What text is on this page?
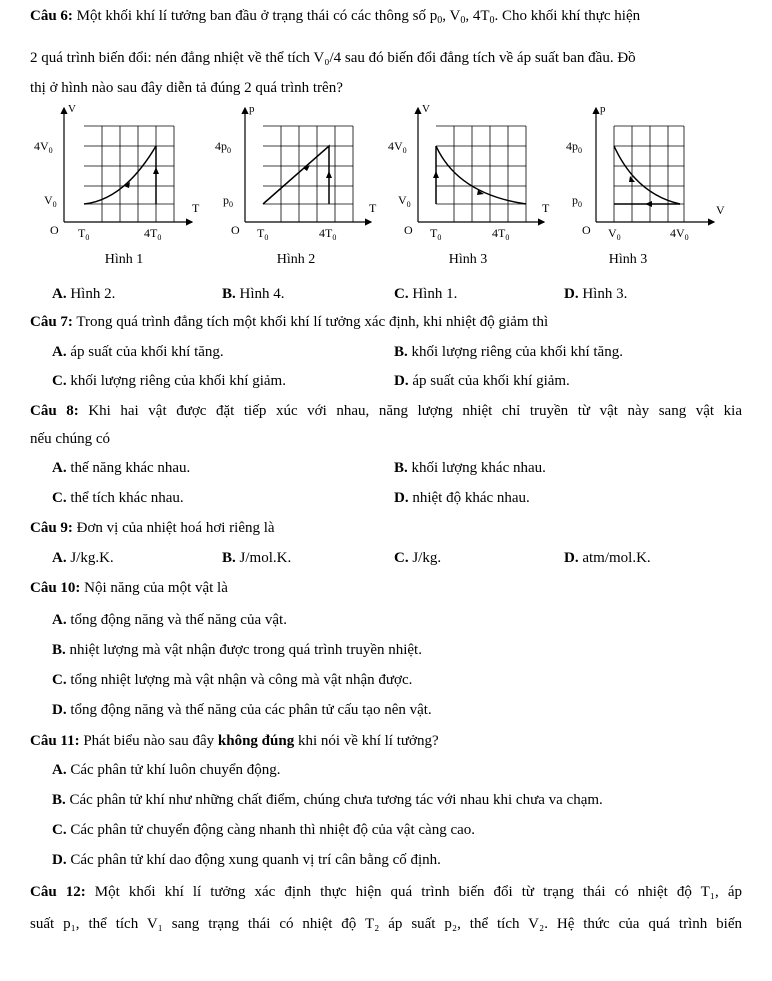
Câu 6: Một khối khí lí tưởng ban đầu ở trạng thái có các thông số $p_0$, $V_0$, $4T_0$. Cho khối khí thực hiện
2 quá trình biến đổi: nén đẳng nhiệt về thể tích V₀/4 sau đó biến đổi đẳng tích về áp suất ban đầu. Đồ
thị ở hình nào sau đây diễn tả đúng 2 quá trình trên?
V
T
$4V_0$
$V_0$
O $T_0$	$4T_0$
p
T
$4p_0$
$p_0$
O $T_0$	$4T_0$
V
T
$4V_0$
$V_0$
O $T_0$	$4T_0$
p
V
$4p_0$
$p_0$
O $V_0$	$4V_0$
Hình 1	Hình 2	Hình 3	Hình 3
A. Hình 2.	B. Hình 4.	C. Hình 1.	D. Hình 3.
Câu 7: Trong quá trình đẳng tích một khối khí lí tưởng xác định, khi nhiệt độ giảm thì
A. áp suất của khối khí tăng.	B. khối lượng riêng của khối khí tăng.
C. khối lượng riêng của khối khí giảm.	D. áp suất của khối khí giảm.
Câu 8: Khi hai vật được đặt tiếp xúc với nhau, năng lượng nhiệt chỉ truyền từ vật này sang vật kia
nếu chúng có
A. thế năng khác nhau.	B. khối lượng khác nhau.
C. thể tích khác nhau.	D. nhiệt độ khác nhau.
Câu 9: Đơn vị của nhiệt hoá hơi riêng là
A. J/kg.K.	B. J/mol.K.	C. J/kg.	D. atm/mol.K.
Câu 10: Nội năng của một vật là
A. tổng động năng và thế năng của vật.
B. nhiệt lượng mà vật nhận được trong quá trình truyền nhiệt.
C. tổng nhiệt lượng mà vật nhận và công mà vật nhận được.
D. tổng động năng và thế năng của các phân tử cấu tạo nên vật.
Câu 11: Phát biểu nào sau đây không đúng khi nói về khí lí tưởng?
A. Các phân tử khí luôn chuyển động.
B. Các phân tử khí như những chất điểm, chúng chưa tương tác với nhau khi chưa va chạm.
C. Các phân tử chuyển động càng nhanh thì nhiệt độ của vật càng cao.
D. Các phân tử khí dao động xung quanh vị trí cân bằng cố định.
Câu 12: Một khối khí lí tưởng xác định thực hiện quá trình biến đổi từ trạng thái có nhiệt độ T₁, áp
suất p₁, thể tích V₁ sang trạng thái có nhiệt độ T₂ áp suất p₂, thể tích V₂. Hệ thức của quá trình biến
